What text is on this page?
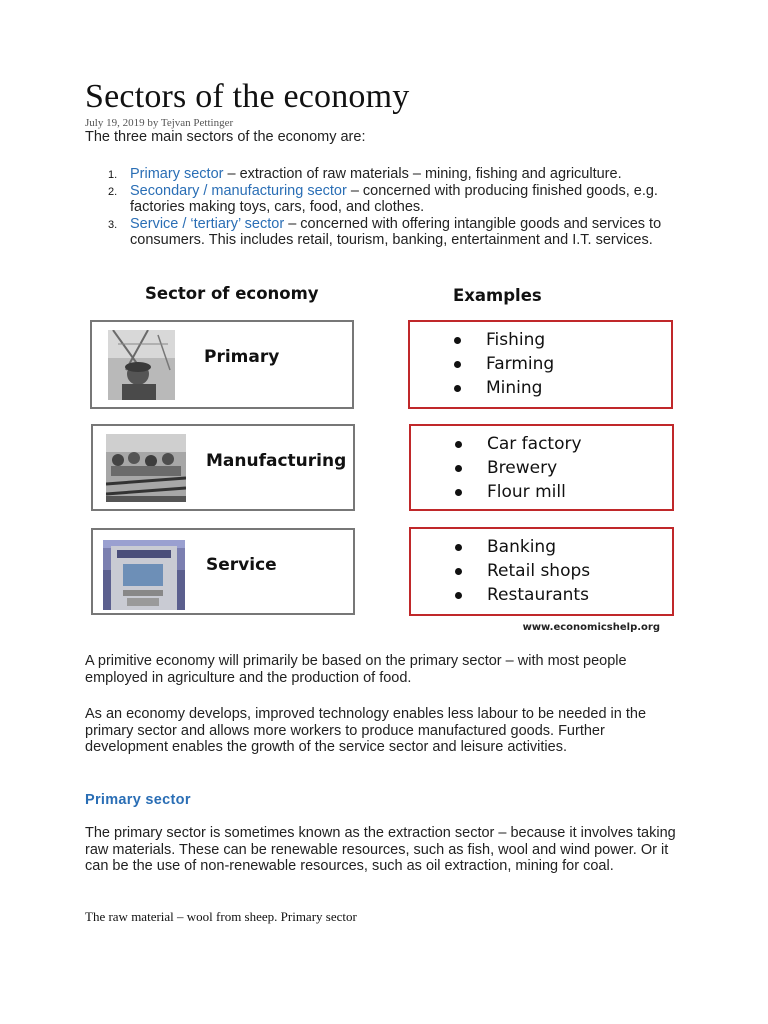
Sectors of the economy
July 19, 2019 by Tejvan Pettinger
The three main sectors of the economy are:
1. Primary sector – extraction of raw materials – mining, fishing and agriculture.
2. Secondary / manufacturing sector – concerned with producing finished goods, e.g. factories making toys, cars, food, and clothes.
3. Service / ‘tertiary’ sector – concerned with offering intangible goods and services to consumers. This includes retail, tourism, banking, entertainment and I.T. services.
Sector of economy	Examples
Primary
Fishing
Farming
Mining
Manufacturing
Car factory
Brewery
Flour mill
Service
Banking
Retail shops
Restaurants
www.economicshelp.org

A primitive economy will primarily be based on the primary sector – with most people employed in agriculture and the production of food.

As an economy develops, improved technology enables less labour to be needed in the primary sector and allows more workers to produce manufactured goods. Further development enables the growth of the service sector and leisure activities.

Primary sector

The primary sector is sometimes known as the extraction sector – because it involves taking raw materials. These can be renewable resources, such as fish, wool and wind power. Or it can be the use of non-renewable resources, such as oil extraction, mining for coal.

The raw material – wool from sheep. Primary sector
